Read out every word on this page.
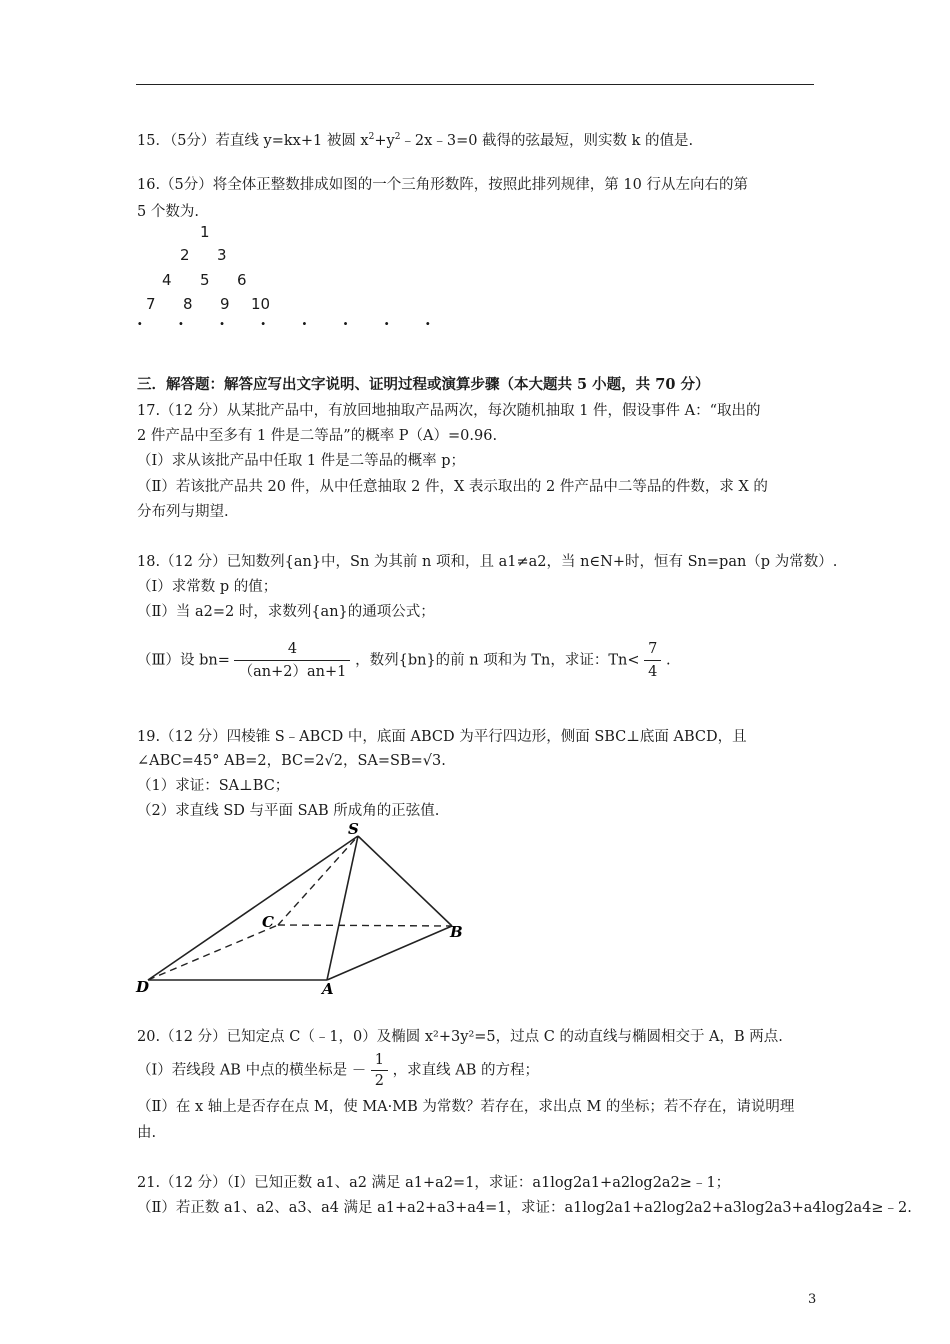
15．（5分）若直线 y=kx+1 被圆 $x^2+y^2﹣2x﹣3=0$ 截得的弦最短，则实数 k 的值是.
16.（5分）将全体正整数排成如图的一个三角形数阵，按照此排列规律，第 10 行从左向右的第
5 个数为.
1
2 3
4 5 6
7 8 9 10
· · · · · · · ·
三．解答题：解答应写出文字说明、证明过程或演算步骤（本大题共 5 小题，共 70 分）
17.（12 分）从某批产品中，有放回地抽取产品两次，每次随机抽取 1 件，假设事件 A：“取出的
2 件产品中至多有 1 件是二等品”的概率 P（A）=0.96.
（Ⅰ）求从该批产品中任取 1 件是二等品的概率 p；
（Ⅱ）若该批产品共 20 件，从中任意抽取 2 件，X 表示取出的 2 件产品中二等品的件数，求 X 的
分布列与期望.
18.（12 分）已知数列{an}中，Sn 为其前 n 项和，且 a1≠a2，当 n∈N+时，恒有 Sn=pan（p 为常数）.
（Ⅰ）求常数 p 的值；
（Ⅱ）当 a2=2 时，求数列{an}的通项公式；
（Ⅲ）设 $bn= \frac{4}{(an+2)an+1}$ ，数列{bn}的前 n 项和为 Tn，求证：$Tn< \frac{7}{4}$ .
19.（12 分）四棱锥 S﹣ABCD 中，底面 ABCD 为平行四边形，侧面 SBC⊥底面 ABCD，且
∠ABC=45° AB=2，BC=2√2，SA=SB=√3.
（1）求证：SA⊥BC；
（2）求直线 SD 与平面 SAB 所成角的正弦值.
S
C
B
D	A
20.（12 分）已知定点 C（﹣1，0）及椭圆 x²+3y²=5，过点 C 的动直线与椭圆相交于 A，B 两点.
（Ⅰ）若线段 AB 中点的横坐标是 － $\frac{1}{2}$ ，求直线 AB 的方程；
（Ⅱ）在 x 轴上是否存在点 M，使 MA·MB 为常数？若存在，求出点 M 的坐标；若不存在，请说明理
由.
21.（12 分）（Ⅰ）已知正数 a1、a2 满足 a1+a2=1，求证：a1log2a1+a2log2a2≥﹣1；
（Ⅱ）若正数 a1、a2、a3、a4 满足 a1+a2+a3+a4=1，求证：a1log2a1+a2log2a2+a3log2a3+a4log2a4≥﹣2.
3
